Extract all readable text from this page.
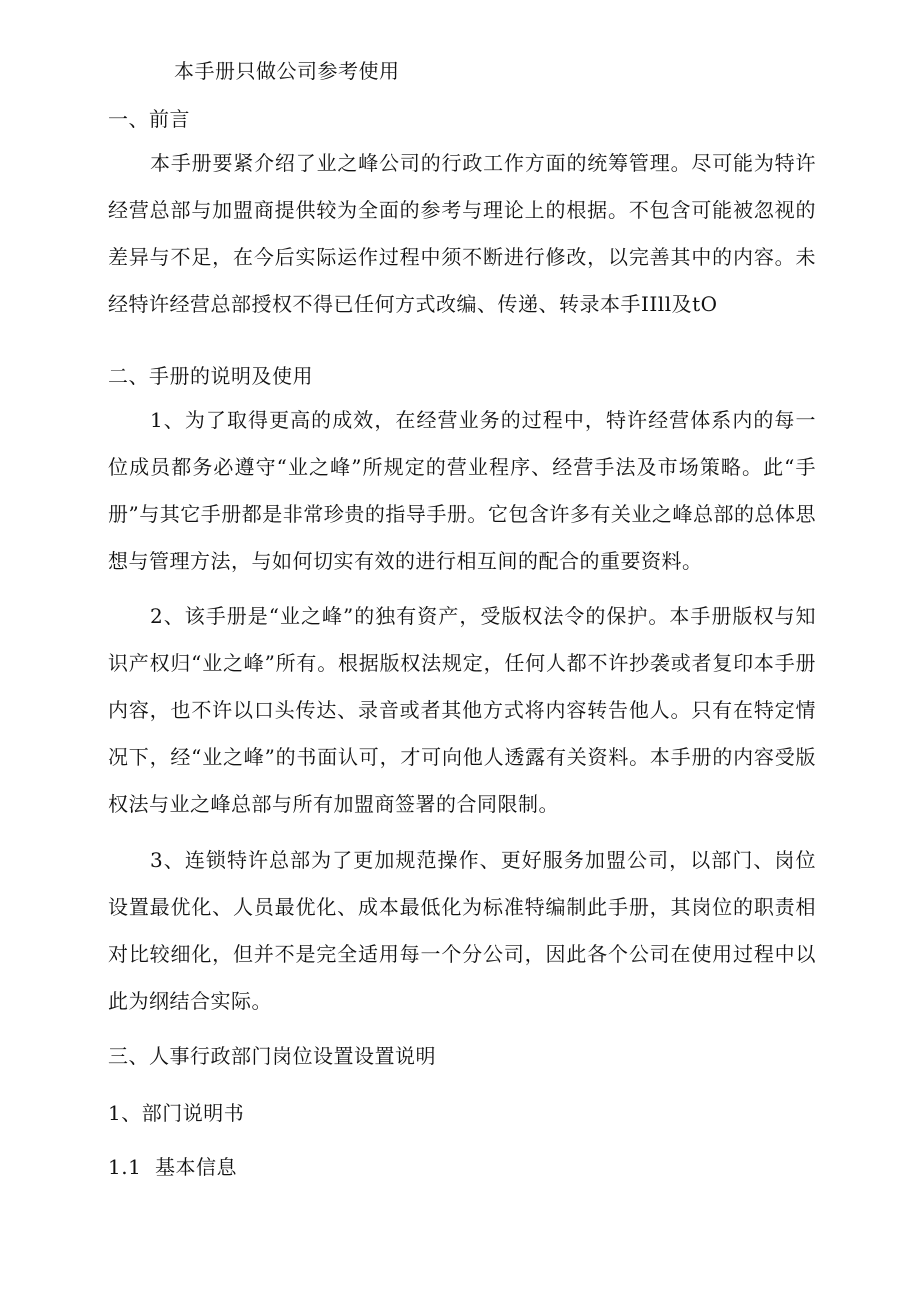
本手册只做公司参考使用
一、前言
本手册要紧介绍了业之峰公司的行政工作方面的统筹管理。尽可能为特许经营总部与加盟商提供较为全面的参考与理论上的根据。不包含可能被忽视的差异与不足，在今后实际运作过程中须不断进行修改，以完善其中的内容。未经特许经营总部授权不得已任何方式改编、传递、转录本手IIll及tO
二、手册的说明及使用
1、为了取得更高的成效，在经营业务的过程中，特许经营体系内的每一位成员都务必遵守“业之峰”所规定的营业程序、经营手法及市场策略。此“手册”与其它手册都是非常珍贵的指导手册。它包含许多有关业之峰总部的总体思想与管理方法，与如何切实有效的进行相互间的配合的重要资料。
2、该手册是“业之峰”的独有资产，受版权法令的保护。本手册版权与知识产权归“业之峰”所有。根据版权法规定，任何人都不许抄袭或者复印本手册内容，也不许以口头传达、录音或者其他方式将内容转告他人。只有在特定情况下，经“业之峰”的书面认可，才可向他人透露有关资料。本手册的内容受版权法与业之峰总部与所有加盟商签署的合同限制。
3、连锁特许总部为了更加规范操作、更好服务加盟公司，以部门、岗位设置最优化、人员最优化、成本最低化为标准特编制此手册，其岗位的职责相对比较细化，但并不是完全适用每一个分公司，因此各个公司在使用过程中以此为纲结合实际。
三、人事行政部门岗位设置设置说明
1、部门说明书
1.1  基本信息
